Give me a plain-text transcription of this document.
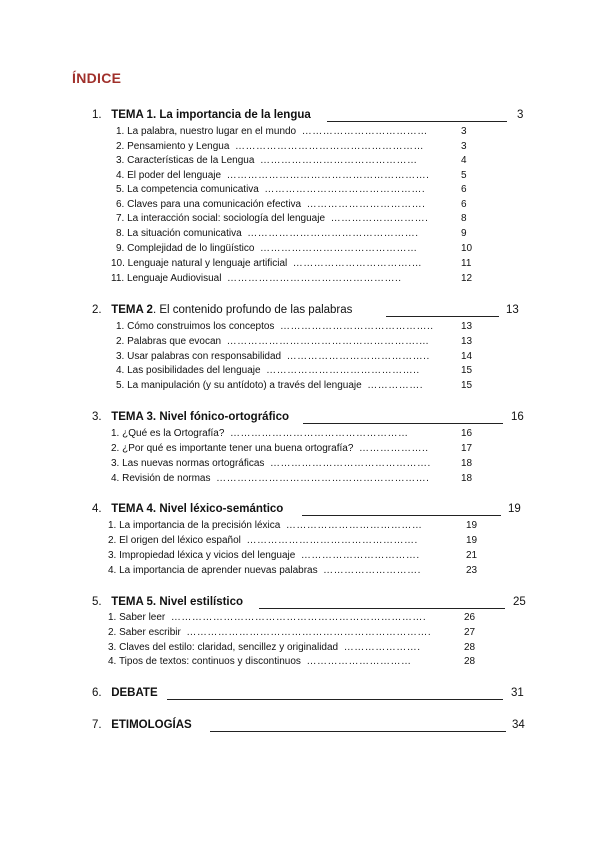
ÍNDICE
1. TEMA 1. La importancia de la lengua	3
1. La palabra, nuestro lugar en el mundo ………………………………	3
2. Pensamiento y Lengua ………………………………………………	3
3. Características de la Lengua ………………………………………	4
4. El poder del lenguaje ………………………………………………….	5
5. La competencia comunicativa ……………………………………….	6
6. Claves para una comunicación efectiva …………………………….	6
7. La interacción social: sociología del lenguaje ……………………….	8
8. La situación comunicativa ………………………………………….	9
9. Complejidad de lo lingüístico ………………………………………	10
10. Lenguaje natural y lenguaje artificial …………………………….…	11
11. Lenguaje Audiovisual …………………………………………..	12
2. TEMA 2. El contenido profundo de las palabras	13
1. Cómo construimos los conceptos ……………………………………..	13
2. Palabras que evocan ……………………………………………….…	13
3. Usar palabras con responsabilidad …………………………………..	14
4. Las posibilidades del lenguaje ……………………………………..	15
5. La manipulación (y su antídoto) a través del lenguaje …………….	15
3. TEMA 3. Nivel fónico-ortográfico	16
1. ¿Qué es la Ortografía? ……………………………………………	16
2. ¿Por qué es importante tener una buena ortografía? ………………..	17
3. Las nuevas normas ortográficas ……………………………………….	18
4. Revisión de normas …………………………………………………….	18
4. TEMA 4. Nivel léxico-semántico	19
1. La importancia de la precisión léxica …………………………………	19
2. El origen del léxico español ………………………………………….	19
3. Impropiedad léxica y vicios del lenguaje …………………………….	21
4. La importancia de aprender nuevas palabras ……………………….	23
5. TEMA 5. Nivel estilístico	25
1. Saber leer ……………………………………………………………….	26
2. Saber escribir …………………………………………………………….	27
3. Claves del estilo: claridad, sencillez y originalidad ………………….	28
4. Tipos de textos: continuos y discontinuos …………………………	28
6. DEBATE	31
7. ETIMOLOGÍAS	34
